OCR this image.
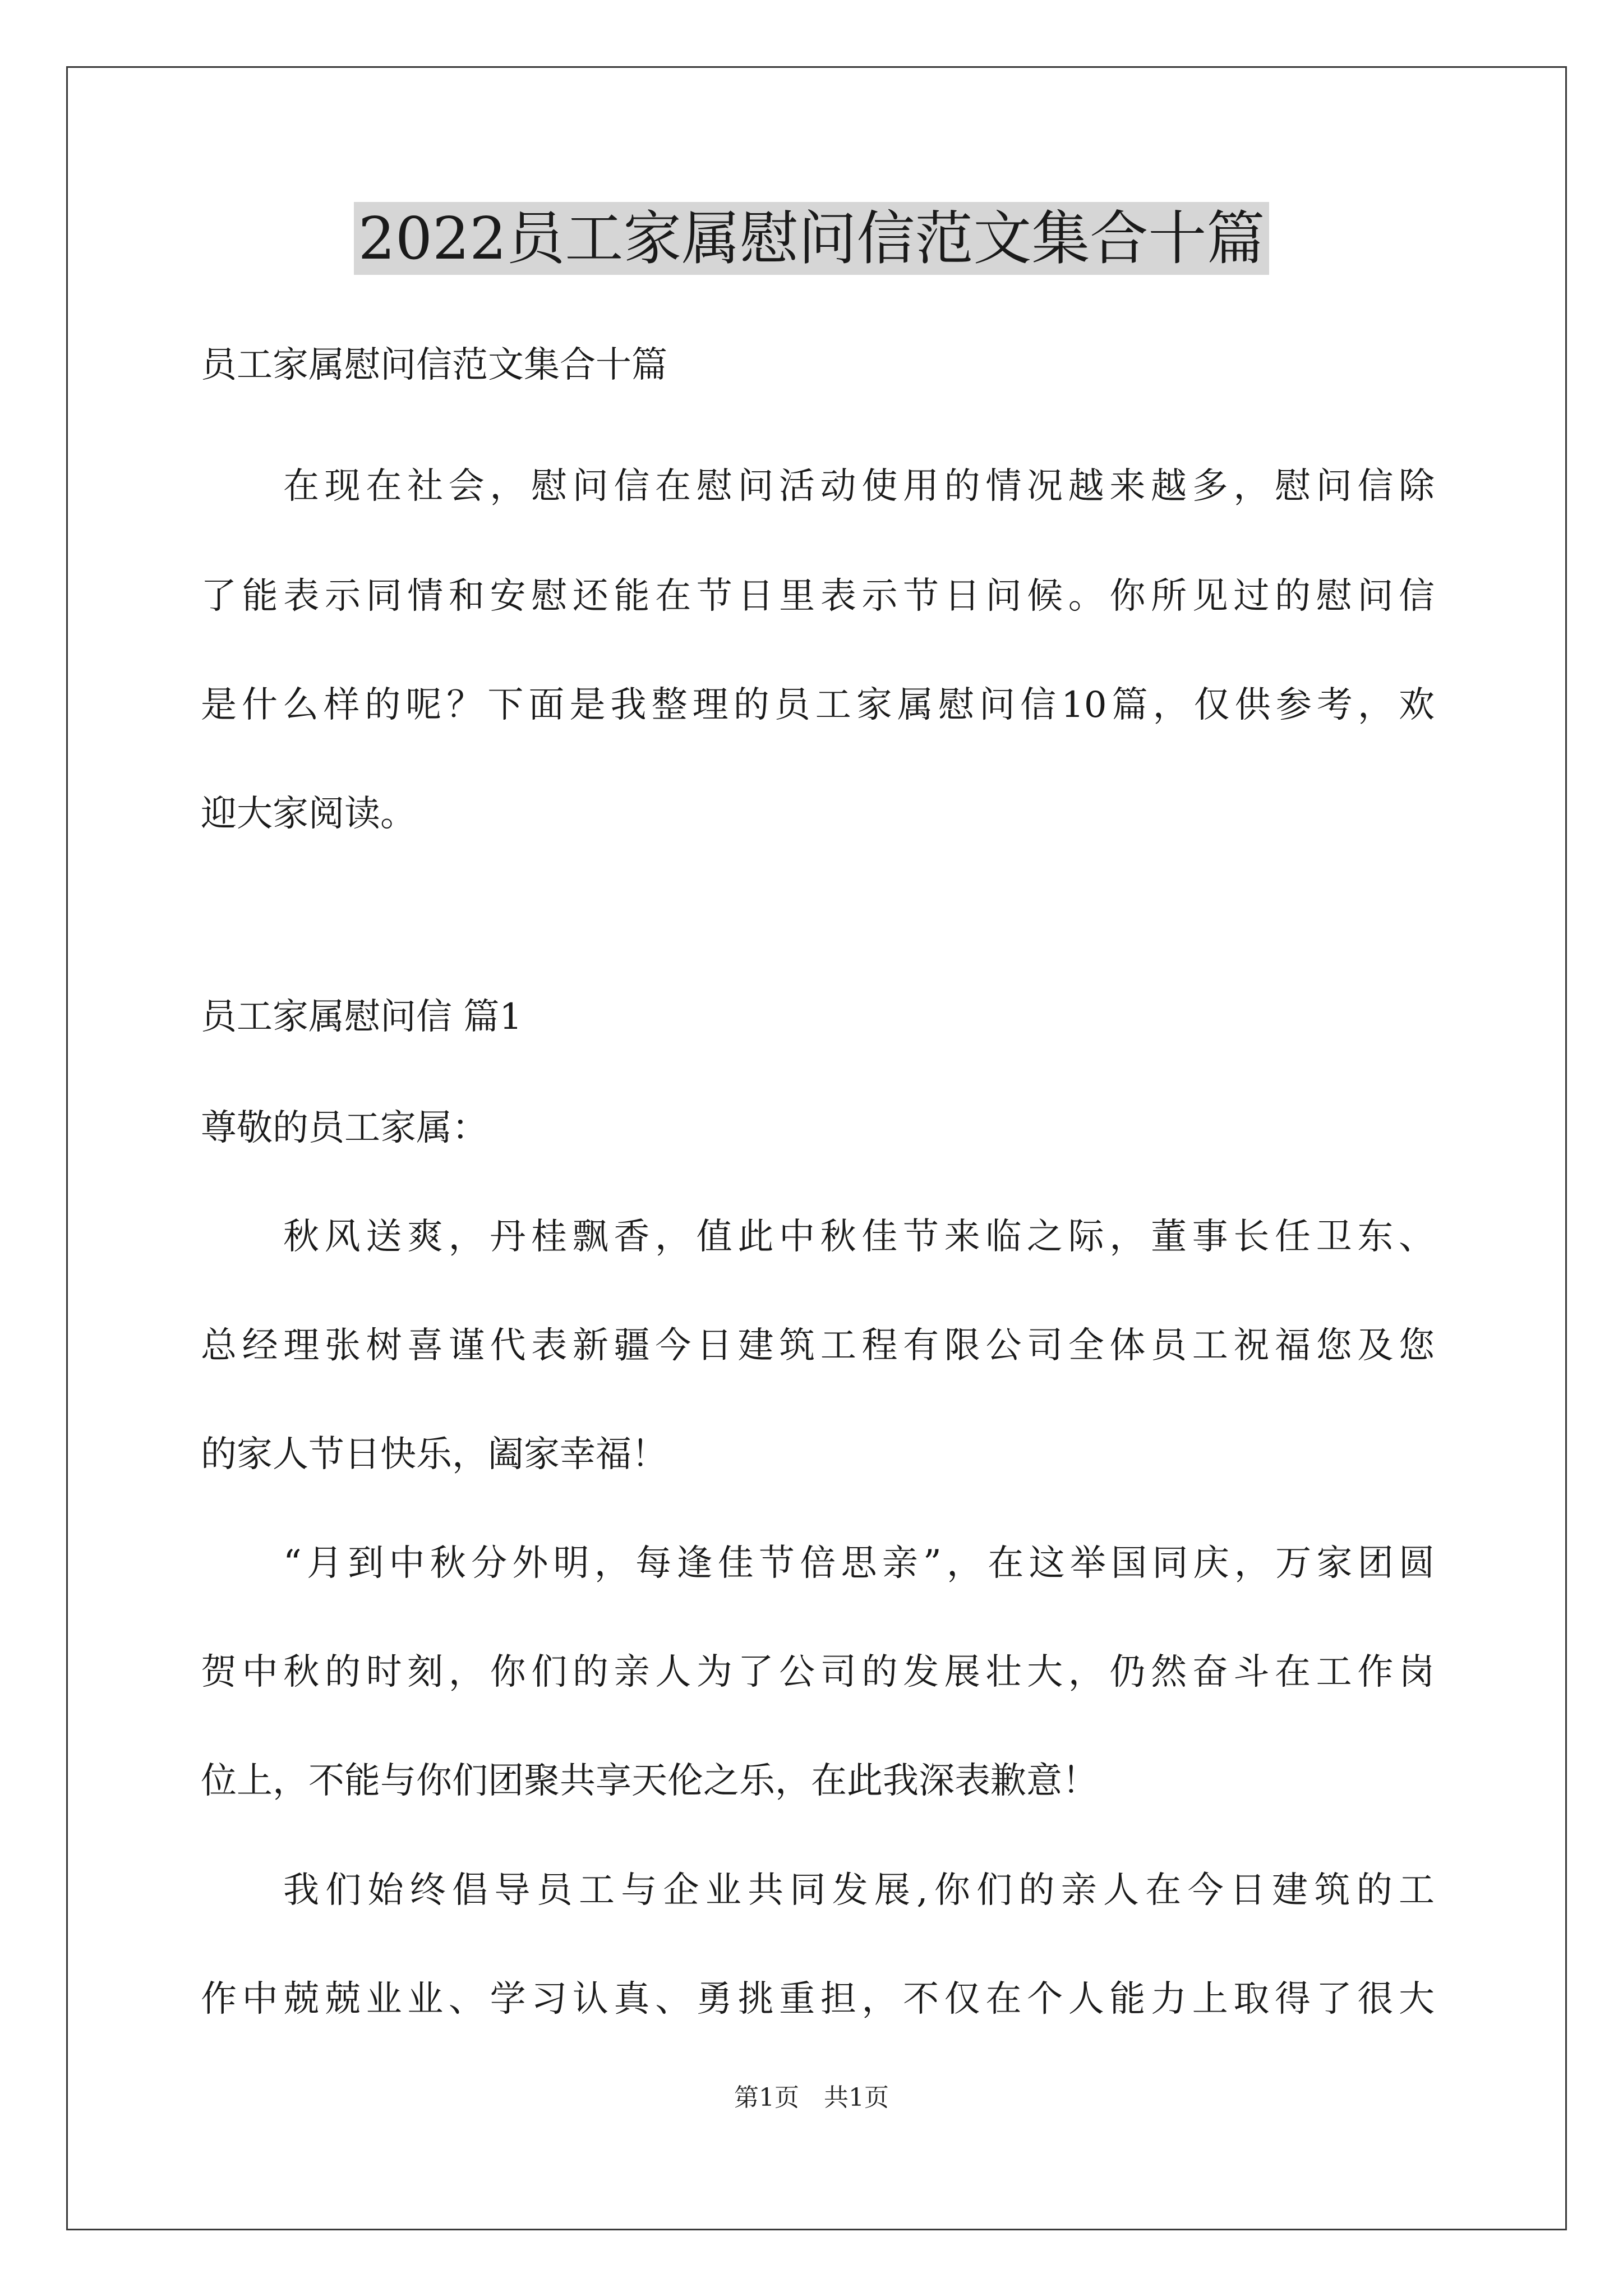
2022员工家属慰问信范文集合十篇
员工家属慰问信范文集合十篇
在现在社会，慰问信在慰问活动使用的情况越来越多，慰问信除
了能表示同情和安慰还能在节日里表示节日问候。你所见过的慰问信
是什么样的呢？下面是我整理的员工家属慰问信10篇，仅供参考，欢
迎大家阅读。
员工家属慰问信 篇1
尊敬的员工家属：
秋风送爽，丹桂飘香，值此中秋佳节来临之际，董事长任卫东、
总经理张树喜谨代表新疆今日建筑工程有限公司全体员工祝福您及您
的家人节日快乐，阖家幸福！
“月到中秋分外明，每逢佳节倍思亲”，在这举国同庆，万家团圆
贺中秋的时刻，你们的亲人为了公司的发展壮大，仍然奋斗在工作岗
位上，不能与你们团聚共享天伦之乐，在此我深表歉意！
我们始终倡导员工与企业共同发展,你们的亲人在今日建筑的工
作中兢兢业业、学习认真、勇挑重担，不仅在个人能力上取得了很大
第1页　共1页
